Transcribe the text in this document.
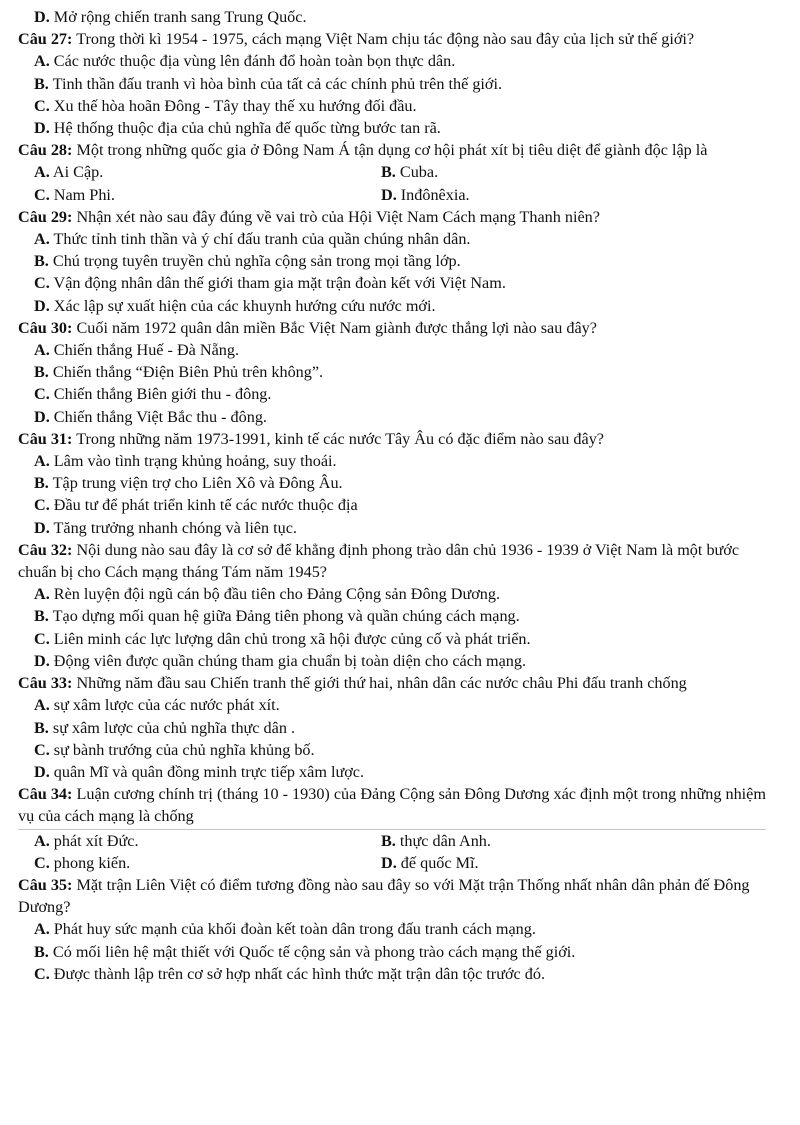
D. Mở rộng chiến tranh sang Trung Quốc.

Câu 27: Trong thời kì 1954 - 1975, cách mạng Việt Nam chịu tác động nào sau đây của lịch sử thế giới?

A. Các nước thuộc địa vùng lên đánh đổ hoàn toàn bọn thực dân.

B. Tinh thần đấu tranh vì hòa bình của tất cả các chính phủ trên thế giới.

C. Xu thế hòa hoãn Đông - Tây thay thế xu hướng đối đầu.

D. Hệ thống thuộc địa của chủ nghĩa đế quốc từng bước tan rã.

Câu 28: Một trong những quốc gia ở Đông Nam Á tận dụng cơ hội phát xít bị tiêu diệt để giành độc lập là

A. Ai Cập.	B. Cuba.
C. Nam Phi.	D. Inđônêxia.

Câu 29: Nhận xét nào sau đây đúng về vai trò của Hội Việt Nam Cách mạng Thanh niên?

A. Thức tỉnh tinh thần và ý chí đấu tranh của quần chúng nhân dân.

B. Chú trọng tuyên truyền chủ nghĩa cộng sản trong mọi tầng lớp.

C. Vận động nhân dân thế giới tham gia mặt trận đoàn kết với Việt Nam.

D. Xác lập sự xuất hiện của các khuynh hướng cứu nước mới.

Câu 30: Cuối năm 1972 quân dân miền Bắc Việt Nam giành được thắng lợi nào sau đây?

A. Chiến thắng Huế - Đà Nẵng.

B. Chiến thắng “Điện Biên Phủ trên không”.

C. Chiến thắng Biên giới thu - đông.

D. Chiến thắng Việt Bắc thu - đông.

Câu 31: Trong những năm 1973-1991, kinh tế các nước Tây Âu có đặc điểm nào sau đây?

A. Lâm vào tình trạng khủng hoảng, suy thoái.

B. Tập trung viện trợ cho Liên Xô và Đông Âu.

C. Đầu tư để phát triển kinh tế các nước thuộc địa

D. Tăng trưởng nhanh chóng và liên tục.

Câu 32: Nội dung nào sau đây là cơ sở để khẳng định phong trào dân chủ 1936 - 1939 ở Việt Nam là một bước chuẩn bị cho Cách mạng tháng Tám năm 1945?

A. Rèn luyện đội ngũ cán bộ đầu tiên cho Đảng Cộng sản Đông Dương.

B. Tạo dựng mối quan hệ giữa Đảng tiên phong và quần chúng cách mạng.

C. Liên minh các lực lượng dân chủ trong xã hội được củng cố và phát triển.

D. Động viên được quần chúng tham gia chuẩn bị toàn diện cho cách mạng.

Câu 33: Những năm đầu sau Chiến tranh thế giới thứ hai, nhân dân các nước châu Phi đấu tranh chống

A. sự xâm lược của các nước phát xít.

B. sự xâm lược của chủ nghĩa thực dân .

C. sự bành trướng của chủ nghĩa khủng bố.

D. quân Mĩ và quân đồng minh trực tiếp xâm lược.

Câu 34: Luận cương chính trị (tháng 10 - 1930) của Đảng Cộng sản Đông Dương xác định một trong những nhiệm vụ của cách mạng là chống

A. phát xít Đức.	B. thực dân Anh.
C. phong kiến.	D. đế quốc Mĩ.

Câu 35: Mặt trận Liên Việt có điểm tương đồng nào sau đây so với Mặt trận Thống nhất nhân dân phản đế Đông Dương?

A. Phát huy sức mạnh của khối đoàn kết toàn dân trong đấu tranh cách mạng.

B. Có mối liên hệ mật thiết với Quốc tế cộng sản và phong trào cách mạng thế giới.

C. Được thành lập trên cơ sở hợp nhất các hình thức mặt trận dân tộc trước đó.
